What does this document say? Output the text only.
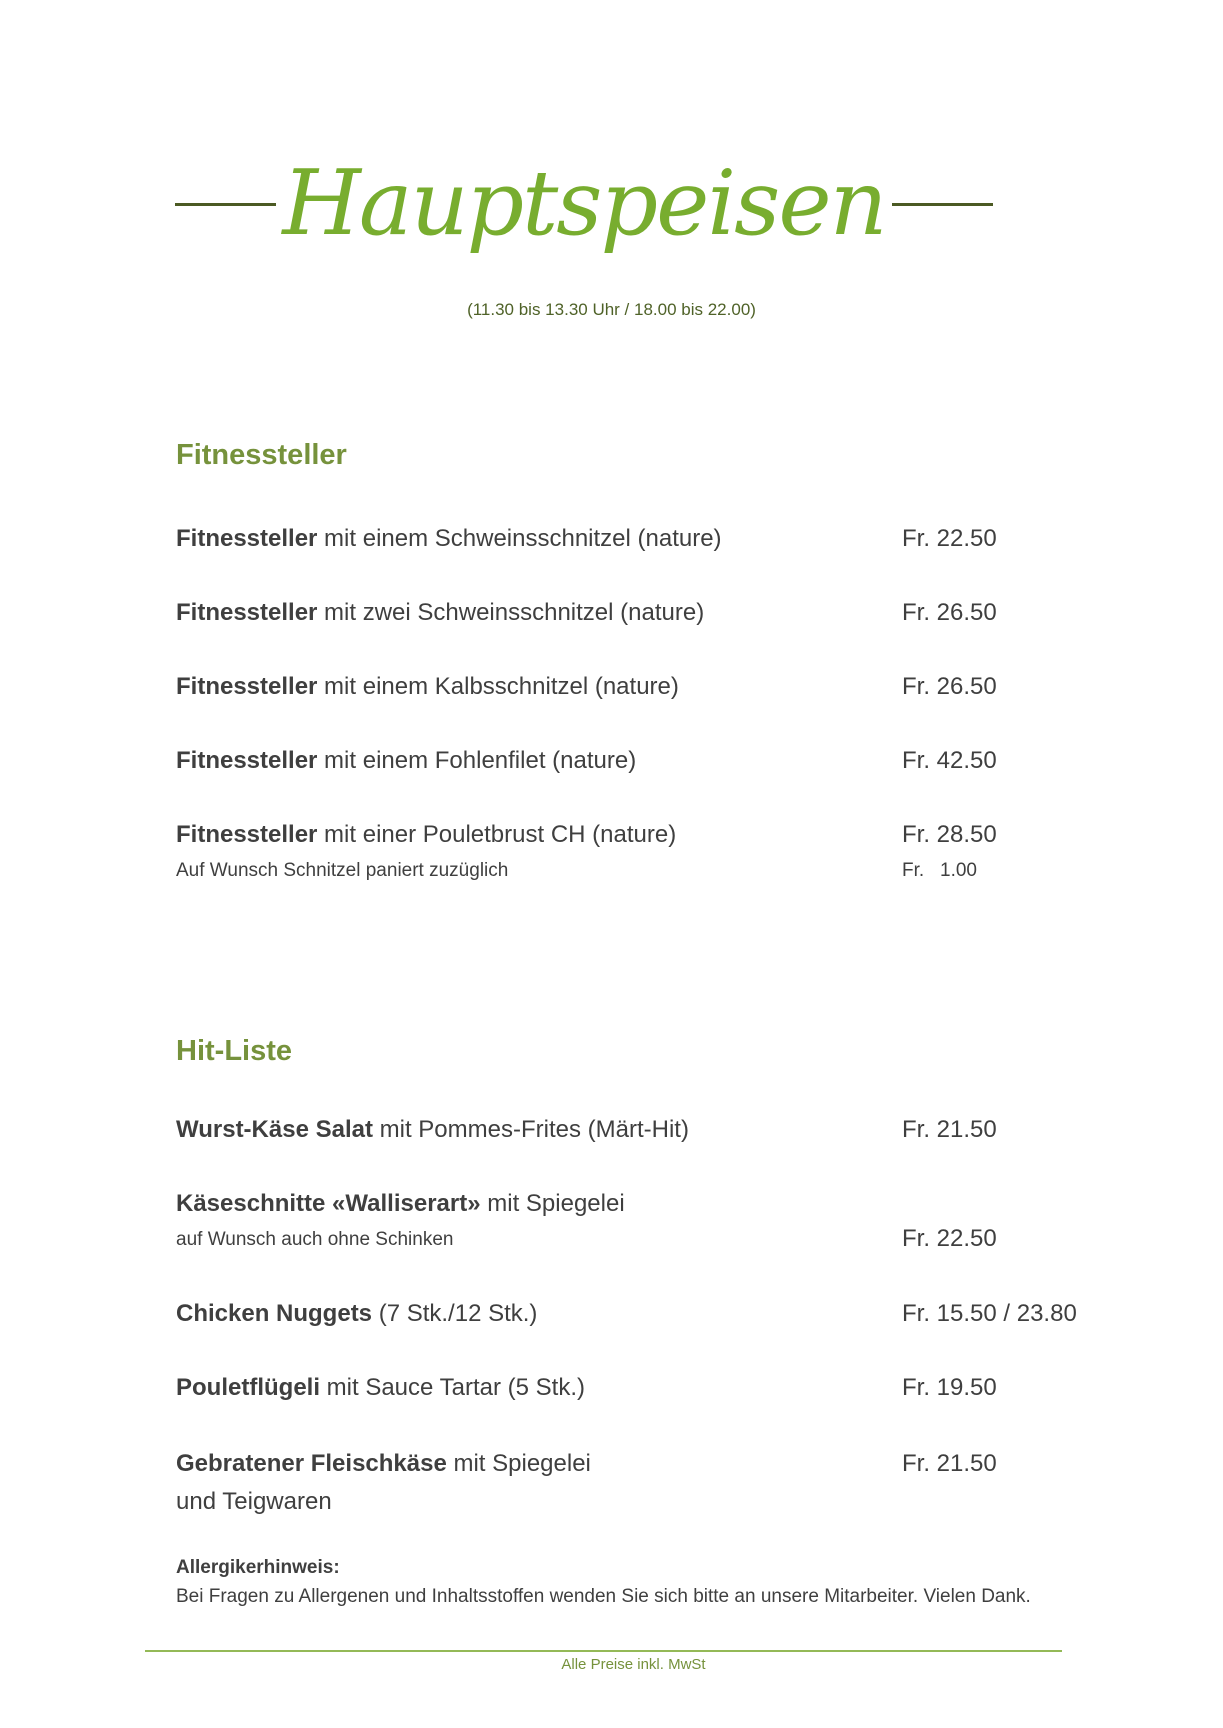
Hauptspeisen
(11.30 bis 13.30 Uhr / 18.00 bis 22.00)
Fitnessteller
Fitnessteller mit einem Schweinsschnitzel (nature)	Fr. 22.50
Fitnessteller mit zwei Schweinsschnitzel (nature)	Fr. 26.50
Fitnessteller mit einem Kalbsschnitzel (nature)	Fr. 26.50
Fitnessteller mit einem Fohlenfilet (nature)	Fr. 42.50
Fitnessteller mit einer Pouletbrust CH (nature)	Fr. 28.50
Auf Wunsch Schnitzel paniert zuzüglich	Fr.   1.00
Hit-Liste
Wurst-Käse Salat mit Pommes-Frites (Märt-Hit)	Fr. 21.50
Käseschnitte «Walliserart» mit Spiegelei
auf Wunsch auch ohne Schinken	Fr. 22.50
Chicken Nuggets (7 Stk./12 Stk.)	Fr. 15.50 / 23.80
Pouletflügeli mit Sauce Tartar (5 Stk.)	Fr. 19.50
Gebratener Fleischkäse mit Spiegelei	Fr. 21.50
und Teigwaren
Allergikerhinweis:
Bei Fragen zu Allergenen und Inhaltsstoffen wenden Sie sich bitte an unsere Mitarbeiter. Vielen Dank.
Alle Preise inkl. MwSt
